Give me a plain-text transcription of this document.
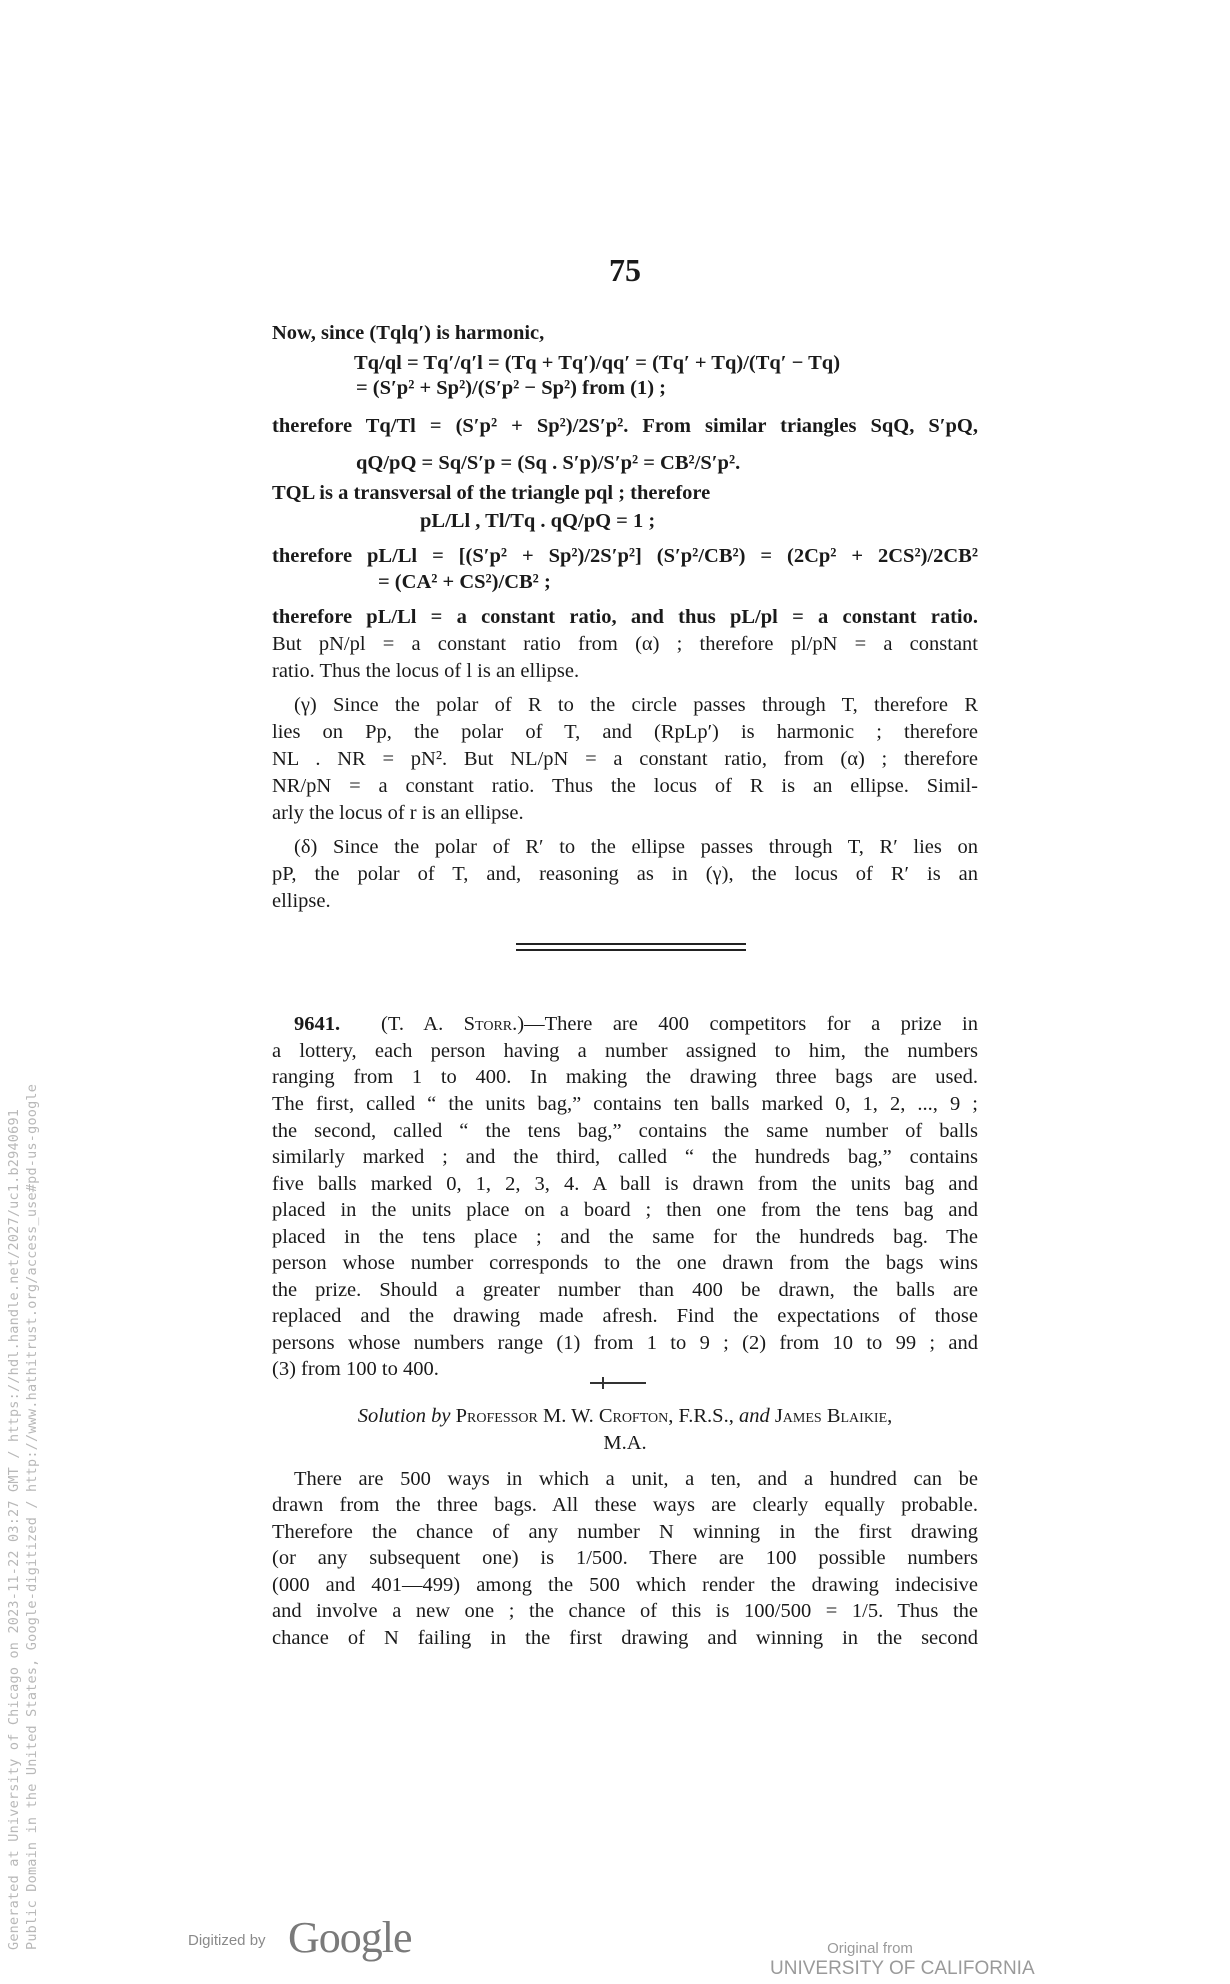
75
Now, since (Tqlq′) is harmonic,
Tq/ql = Tq′/q′l = (Tq + Tq′)/qq′ = (Tq′ + Tq)/(Tq′ − Tq)
= (S′p² + Sp²)/(S′p² − Sp²) from (1) ;
therefore Tq/Tl = (S′p² + Sp²)/2S′p². From similar triangles SqQ, S′pQ,
qQ/pQ = Sq/S′p = (Sq . S′p)/S′p² = CB²/S′p².
TQL is a transversal of the triangle pql ; therefore
pL/Ll , Tl/Tq . qQ/pQ = 1 ;
therefore pL/Ll = [(S′p² + Sp²)/2S′p²] (S′p²/CB²) = (2Cp² + 2CS²)/2CB²
= (CA² + CS²)/CB² ;
therefore pL/Ll = a constant ratio, and thus pL/pl = a constant ratio.
But pN/pl = a constant ratio from (α) ; therefore pl/pN = a constant
ratio. Thus the locus of l is an ellipse.
(γ) Since the polar of R to the circle passes through T, therefore R
lies on Pp, the polar of T, and (RpLp′) is harmonic ; therefore
NL . NR = pN². But NL/pN = a constant ratio, from (α) ; therefore
NR/pN = a constant ratio. Thus the locus of R is an ellipse. Simil-
arly the locus of r is an ellipse.
(δ) Since the polar of R′ to the ellipse passes through T, R′ lies on
pP, the polar of T, and, reasoning as in (γ), the locus of R′ is an
ellipse.
9641. (T. A. Storr.)—There are 400 competitors for a prize in
a lottery, each person having a number assigned to him, the numbers
ranging from 1 to 400. In making the drawing three bags are used.
The first, called “ the units bag,” contains ten balls marked 0, 1, 2, ..., 9 ;
the second, called “ the tens bag,” contains the same number of balls
similarly marked ; and the third, called “ the hundreds bag,” contains
five balls marked 0, 1, 2, 3, 4. A ball is drawn from the units bag and
placed in the units place on a board ; then one from the tens bag and
placed in the tens place ; and the same for the hundreds bag. The
person whose number corresponds to the one drawn from the bags wins
the prize. Should a greater number than 400 be drawn, the balls are
replaced and the drawing made afresh. Find the expectations of those
persons whose numbers range (1) from 1 to 9 ; (2) from 10 to 99 ; and
(3) from 100 to 400.
Solution by Professor M. W. Crofton, F.R.S., and James Blaikie,
M.A.
There are 500 ways in which a unit, a ten, and a hundred can be
drawn from the three bags. All these ways are clearly equally probable.
Therefore the chance of any number N winning in the first drawing
(or any subsequent one) is 1/500. There are 100 possible numbers
(000 and 401—499) among the 500 which render the drawing indecisive
and involve a new one ; the chance of this is 100/500 = 1/5. Thus the
chance of N failing in the first drawing and winning in the second
Generated at University of Chicago on 2023-11-22 03:27 GMT / https://hdl.handle.net/2027/uc1.b2940691 Public Domain in the United States, Google-digitized / http://www.hathitrust.org/access_use#pd-us-google	Digitized by Google	Original from
UNIVERSITY OF CALIFORNIA
